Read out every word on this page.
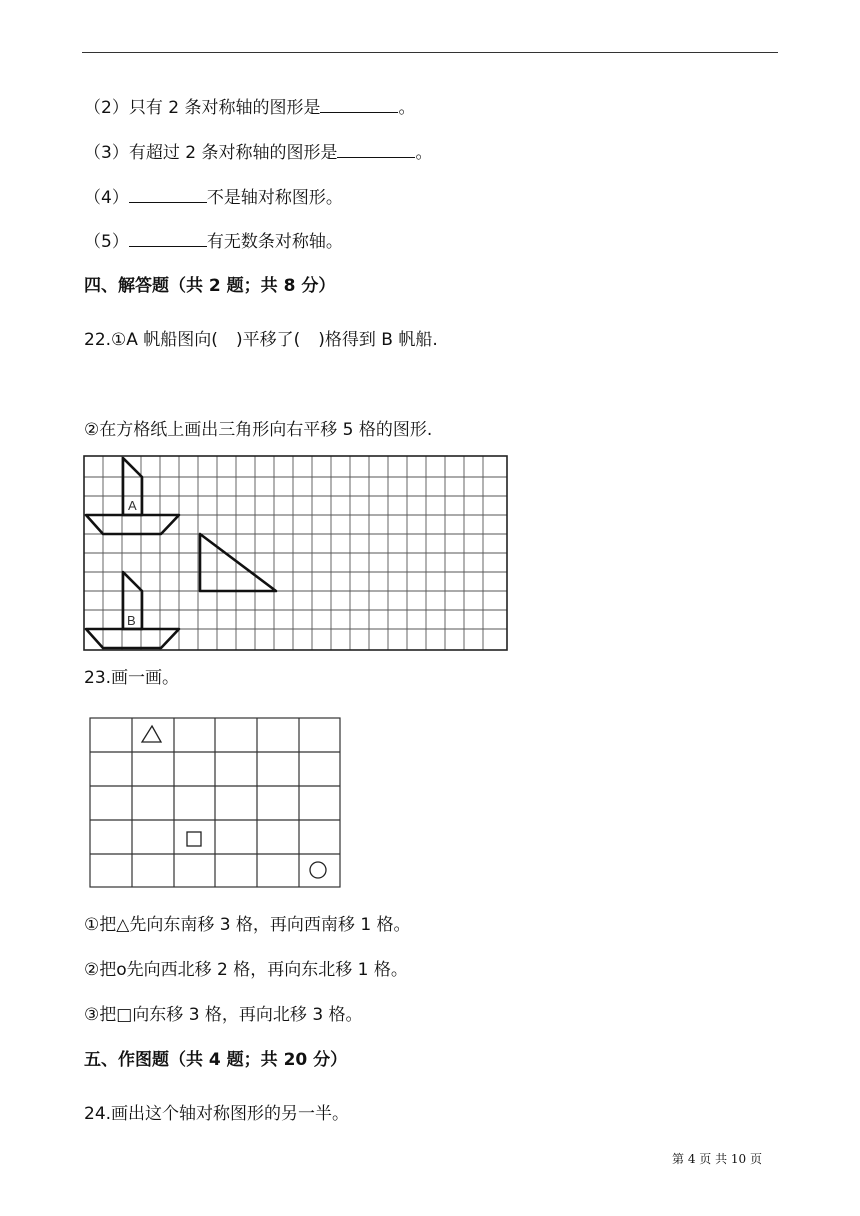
（2）只有 2 条对称轴的图形是	。
（3）有超过 2 条对称轴的图形是	。
（4）	不是轴对称图形。
（5）	有无数条对称轴。
四、解答题（共 2 题；共 8 分）
22.①A 帆船图向( )平移了( )格得到 B 帆船.
②在方格纸上画出三角形向右平移 5 格的图形.
A
B
23.画一画。
①把△先向东南移 3 格，再向西南移 1 格。
②把o先向西北移 2 格，再向东北移 1 格。
③把□向东移 3 格，再向北移 3 格。
五、作图题（共 4 题；共 20 分）
24.画出这个轴对称图形的另一半。
第 4 页 共 10 页
